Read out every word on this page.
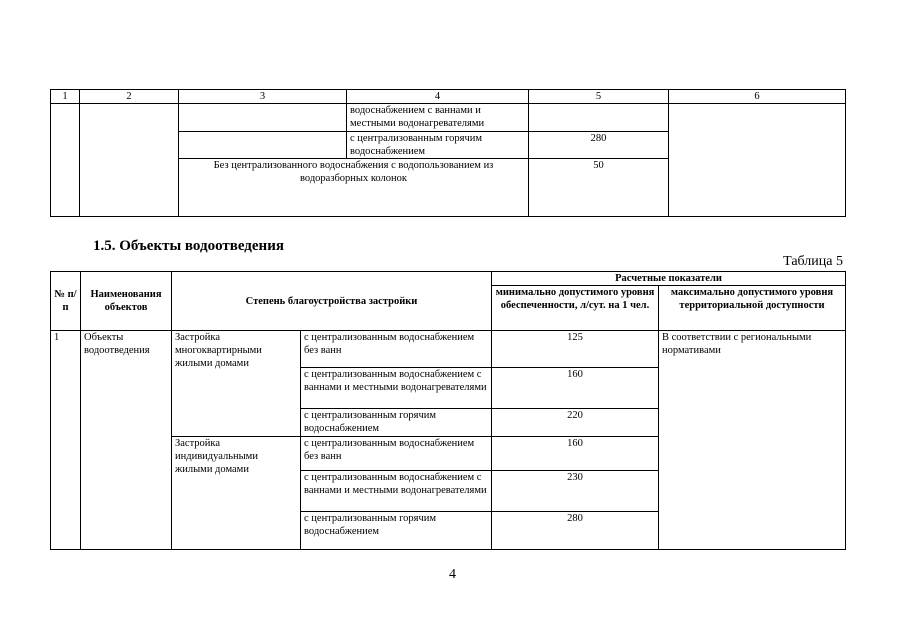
1	2	3	4	5	6
			водоснабжением с ваннами и местными водонагревателями		
			с централизованным горячим водоснабжением	280	
		Без централизованного водоснабжения с водопользованием из водоразборных колонок		50	
1.5. Объекты водоотведения
Таблица 5
№ п/п	Наименования объектов	Степень благоустройства застройки		Расчетные показатели	
				минимально допустимого уровня обеспеченности, л/сут. на 1 чел.	максимально допустимого уровня территориальной доступности
1	Объекты водоотведения	Застройка многоквартирными жилыми домами	с централизованным водоснабжением без ванн	125	В соответствии с региональными нормативами
			с централизованным водоснабжением с ваннами и местными водонагревателями	160	
			с централизованным горячим водоснабжением	220	
		Застройка индивидуальными жилыми домами	с централизованным водоснабжением без ванн	160	
			с централизованным водоснабжением с ваннами и местными водонагревателями	230	
			с централизованным горячим водоснабжением	280	
4
